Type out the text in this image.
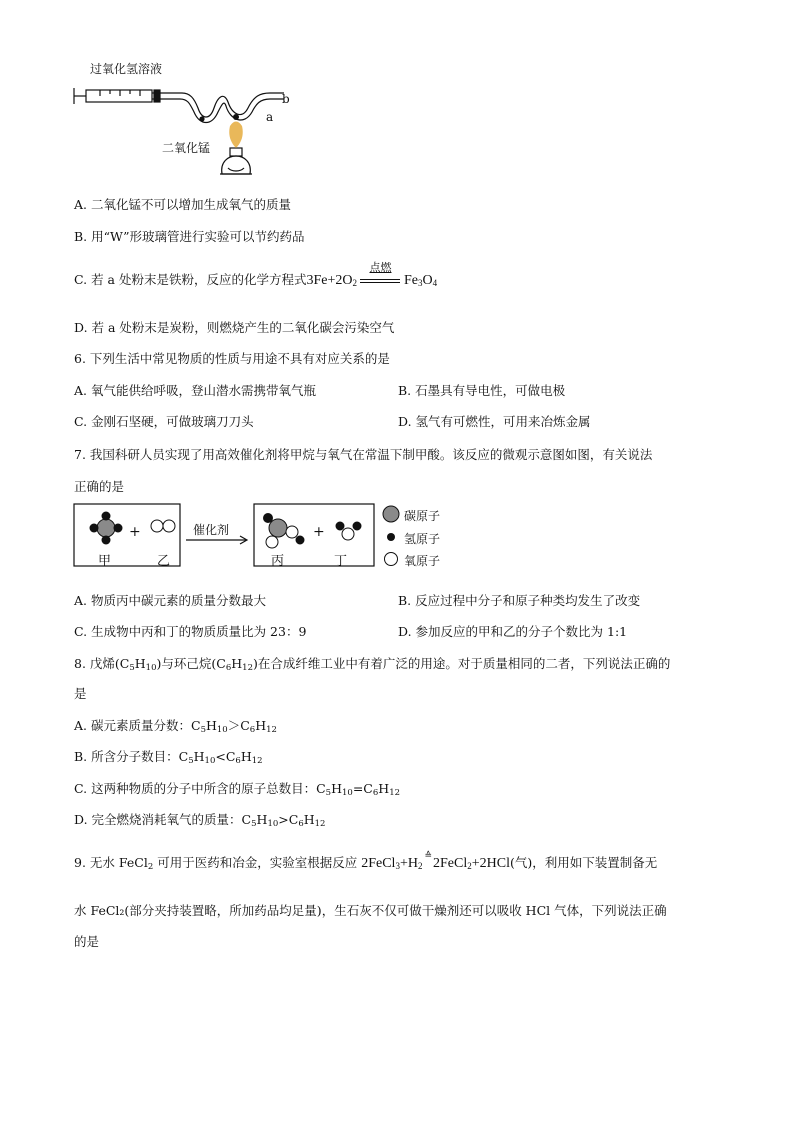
过氧化氢溶液
二氧化锰
a
b
A. 二氧化锰不可以增加生成氧气的质量
B. 用“W”形玻璃管进行实验可以节约药品
C. 若 a 处粉末是铁粉，反应的化学方程式$3Fe+2O_2$
点燃
$Fe_3O_4$
D. 若 a 处粉末是炭粉，则燃烧产生的二氧化碳会污染空气
6. 下列生活中常见物质的性质与用途不具有对应关系的是
A. 氧气能供给呼吸，登山潜水需携带氧气瓶	B. 石墨具有导电性，可做电极
C. 金刚石坚硬，可做玻璃刀刀头	D. 氢气有可燃性，可用来冶炼金属
7. 我国科研人员实现了用高效催化剂将甲烷与氧气在常温下制甲酸。该反应的微观示意图如图，有关说法
正确的是
+	+
催化剂
甲	乙	丙	丁
碳原子
氢原子
氧原子
A. 物质丙中碳元素的质量分数最大	B. 反应过程中分子和原子种类均发生了改变
C. 生成物中丙和丁的物质质量比为 23：9	D. 参加反应的甲和乙的分子个数比为 1:1
8. 戊烯$(C_5H_{10})$与环己烷$(C_6H_{12})$在合成纤维工业中有着广泛的用途。对于质量相同的二者，下列说法正确的
是
A. 碳元素质量分数：$C_5H_{10}>C_6H_{12}$
B. 所含分子数目：$C_5H_{10}<C_6H_{12}$
C. 这两种物质的分子中所含的原子总数目：$C_5H_{10}=C_6H_{12}$
D. 完全燃烧消耗氧气的质量：$C_5H_{10}>C_6H_{12}$
9. 无水 FeCl$_2$ 可用于医药和冶金，实验室根据反应 $2FeCl_3+H_2^≙2FeCl_2+2HCl$(气)，利用如下装置制备无
水 FeCl₂(部分夹持装置略，所加药品均足量)，生石灰不仅可做干燥剂还可以吸收 HCl 气体，下列说法正确
的是
